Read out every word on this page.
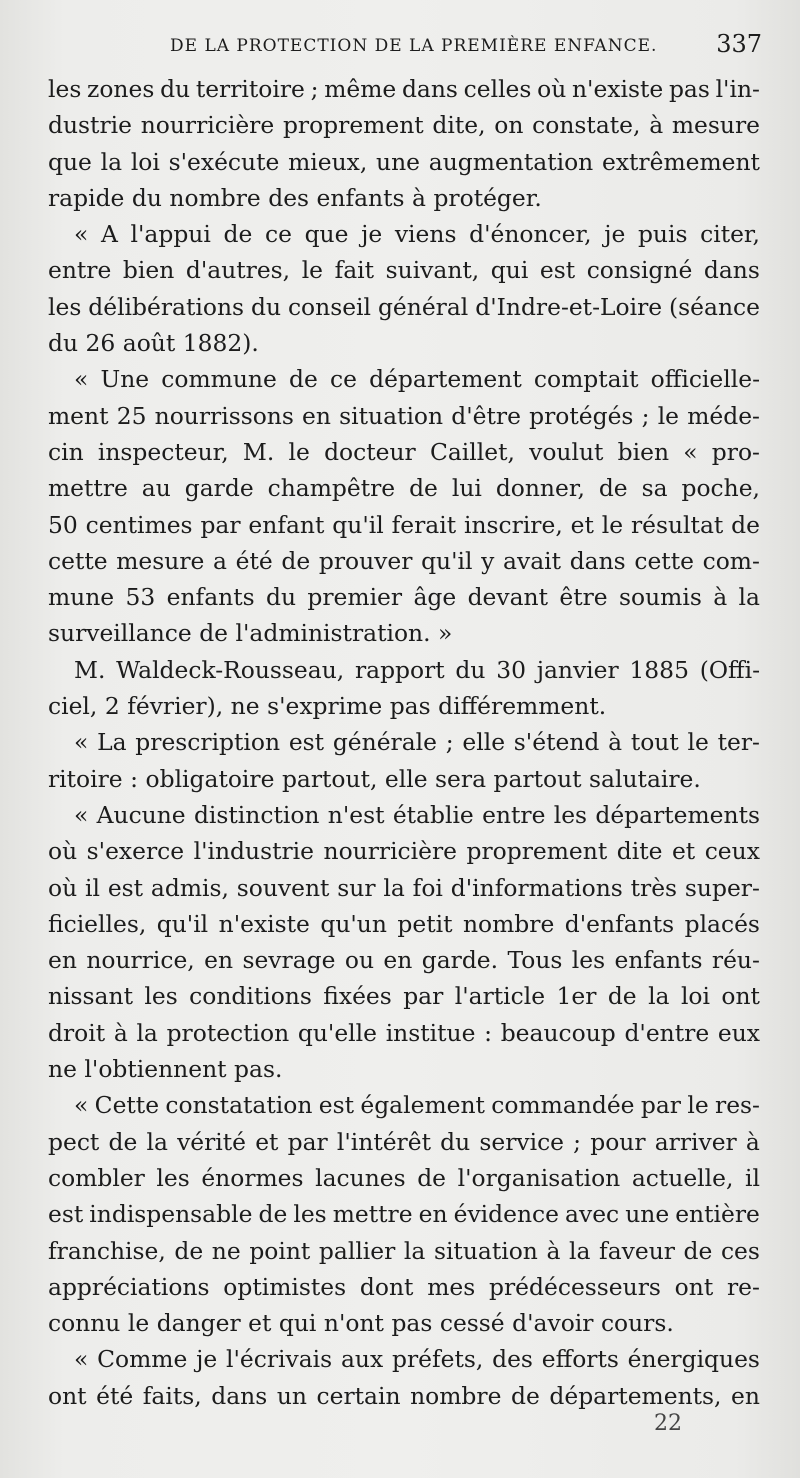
DE LA PROTECTION DE LA PREMIÈRE ENFANCE.	337
les zones du territoire ; même dans celles où n'existe pas l'in-
dustrie nourricière proprement dite, on constate, à mesure
que la loi s'exécute mieux, une augmentation extrêmement
rapide du nombre des enfants à protéger.
« A l'appui de ce que je viens d'énoncer, je puis citer,
entre bien d'autres, le fait suivant, qui est consigné dans
les délibérations du conseil général d'Indre-et-Loire (séance
du 26 août 1882).
« Une commune de ce département comptait officielle-
ment 25 nourrissons en situation d'être protégés ; le méde-
cin inspecteur, M. le docteur Caillet, voulut bien « pro-
mettre au garde champêtre de lui donner, de sa poche,
50 centimes par enfant qu'il ferait inscrire, et le résultat de
cette mesure a été de prouver qu'il y avait dans cette com-
mune 53 enfants du premier âge devant être soumis à la
surveillance de l'administration. »
M. Waldeck-Rousseau, rapport du 30 janvier 1885 (Offi-
ciel, 2 février), ne s'exprime pas différemment.
« La prescription est générale ; elle s'étend à tout le ter-
ritoire : obligatoire partout, elle sera partout salutaire.
« Aucune distinction n'est établie entre les départements
où s'exerce l'industrie nourricière proprement dite et ceux
où il est admis, souvent sur la foi d'informations très super-
ficielles, qu'il n'existe qu'un petit nombre d'enfants placés
en nourrice, en sevrage ou en garde. Tous les enfants réu-
nissant les conditions fixées par l'article 1er de la loi ont
droit à la protection qu'elle institue : beaucoup d'entre eux
ne l'obtiennent pas.
« Cette constatation est également commandée par le res-
pect de la vérité et par l'intérêt du service ; pour arriver à
combler les énormes lacunes de l'organisation actuelle, il
est indispensable de les mettre en évidence avec une entière
franchise, de ne point pallier la situation à la faveur de ces
appréciations optimistes dont mes prédécesseurs ont re-
connu le danger et qui n'ont pas cessé d'avoir cours.
« Comme je l'écrivais aux préfets, des efforts énergiques
ont été faits, dans un certain nombre de départements, en
22
